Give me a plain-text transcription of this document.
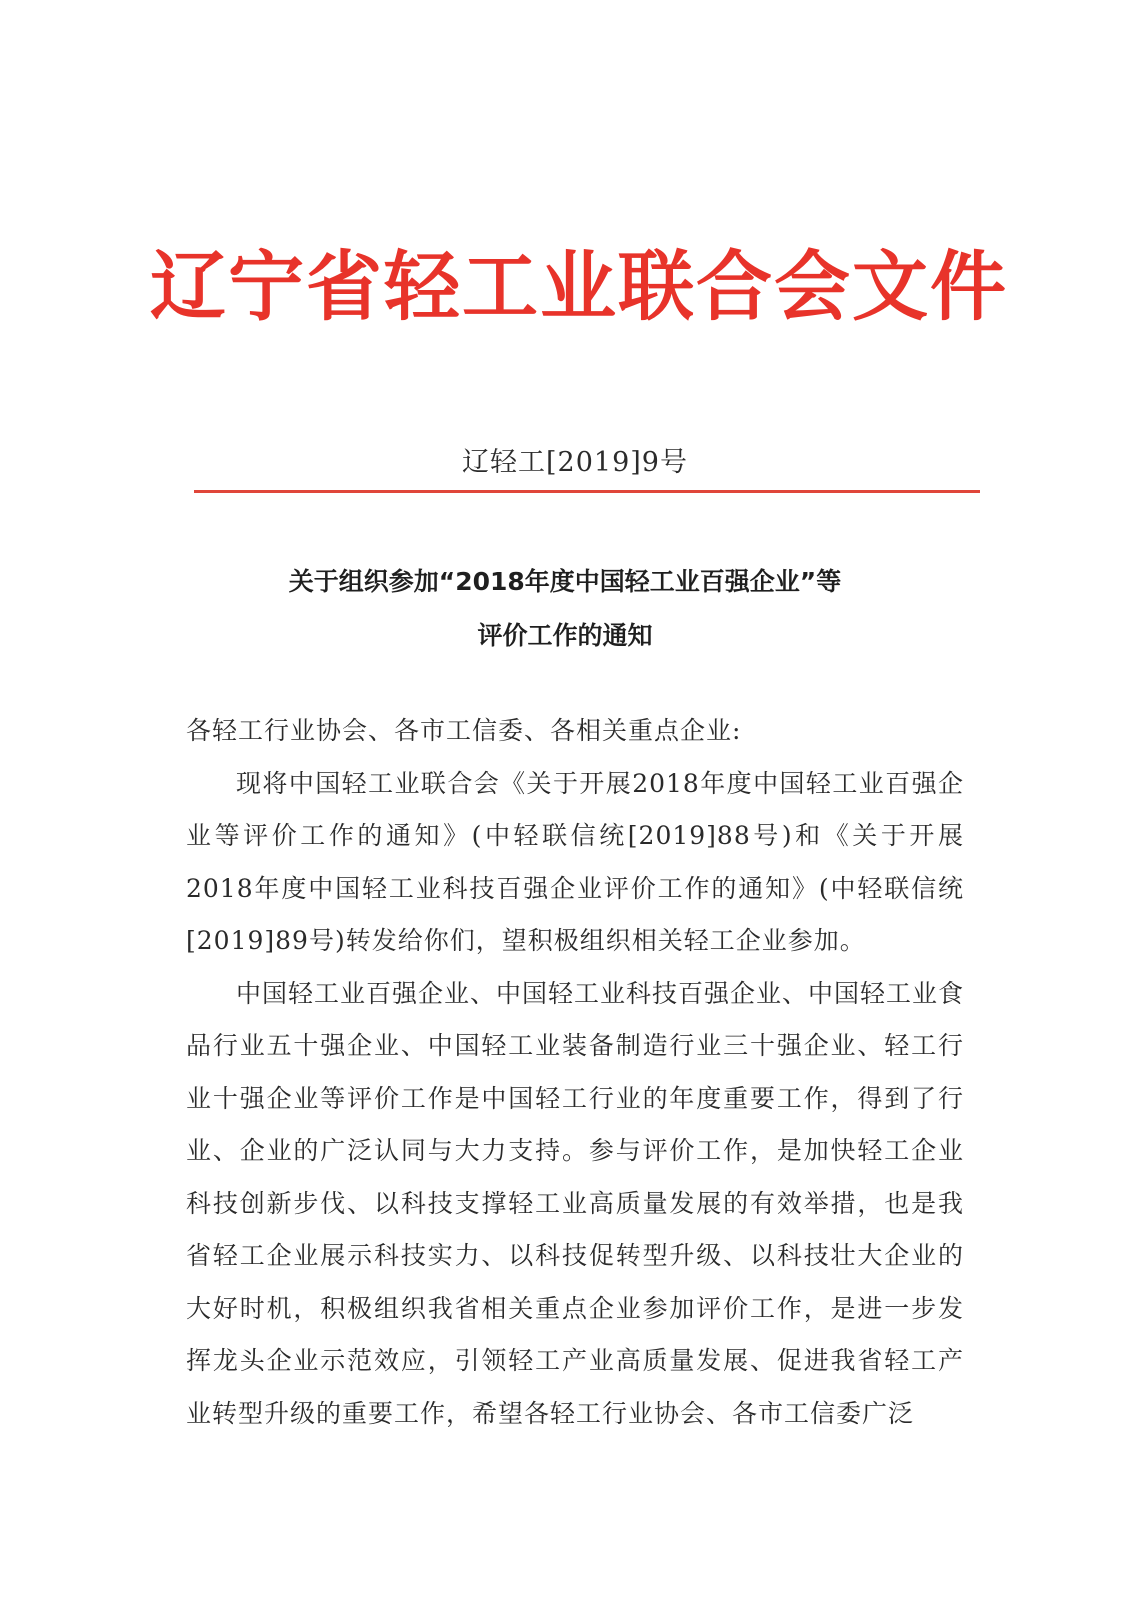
辽宁省轻工业联合会文件
辽轻工[2019]9号
关于组织参加“2018年度中国轻工业百强企业”等
评价工作的通知

各轻工行业协会、各市工信委、各相关重点企业:

现将中国轻工业联合会《关于开展2018年度中国轻工业百强企业等评价工作的通知》(中轻联信统[2019]88号)和《关于开展2018年度中国轻工业科技百强企业评价工作的通知》(中轻联信统[2019]89号)转发给你们，望积极组织相关轻工企业参加。

中国轻工业百强企业、中国轻工业科技百强企业、中国轻工业食品行业五十强企业、中国轻工业装备制造行业三十强企业、轻工行业十强企业等评价工作是中国轻工行业的年度重要工作，得到了行业、企业的广泛认同与大力支持。参与评价工作，是加快轻工企业科技创新步伐、以科技支撑轻工业高质量发展的有效举措，也是我省轻工企业展示科技实力、以科技促转型升级、以科技壮大企业的大好时机，积极组织我省相关重点企业参加评价工作，是进一步发挥龙头企业示范效应，引领轻工产业高质量发展、促进我省轻工产业转型升级的重要工作，希望各轻工行业协会、各市工信委广泛
